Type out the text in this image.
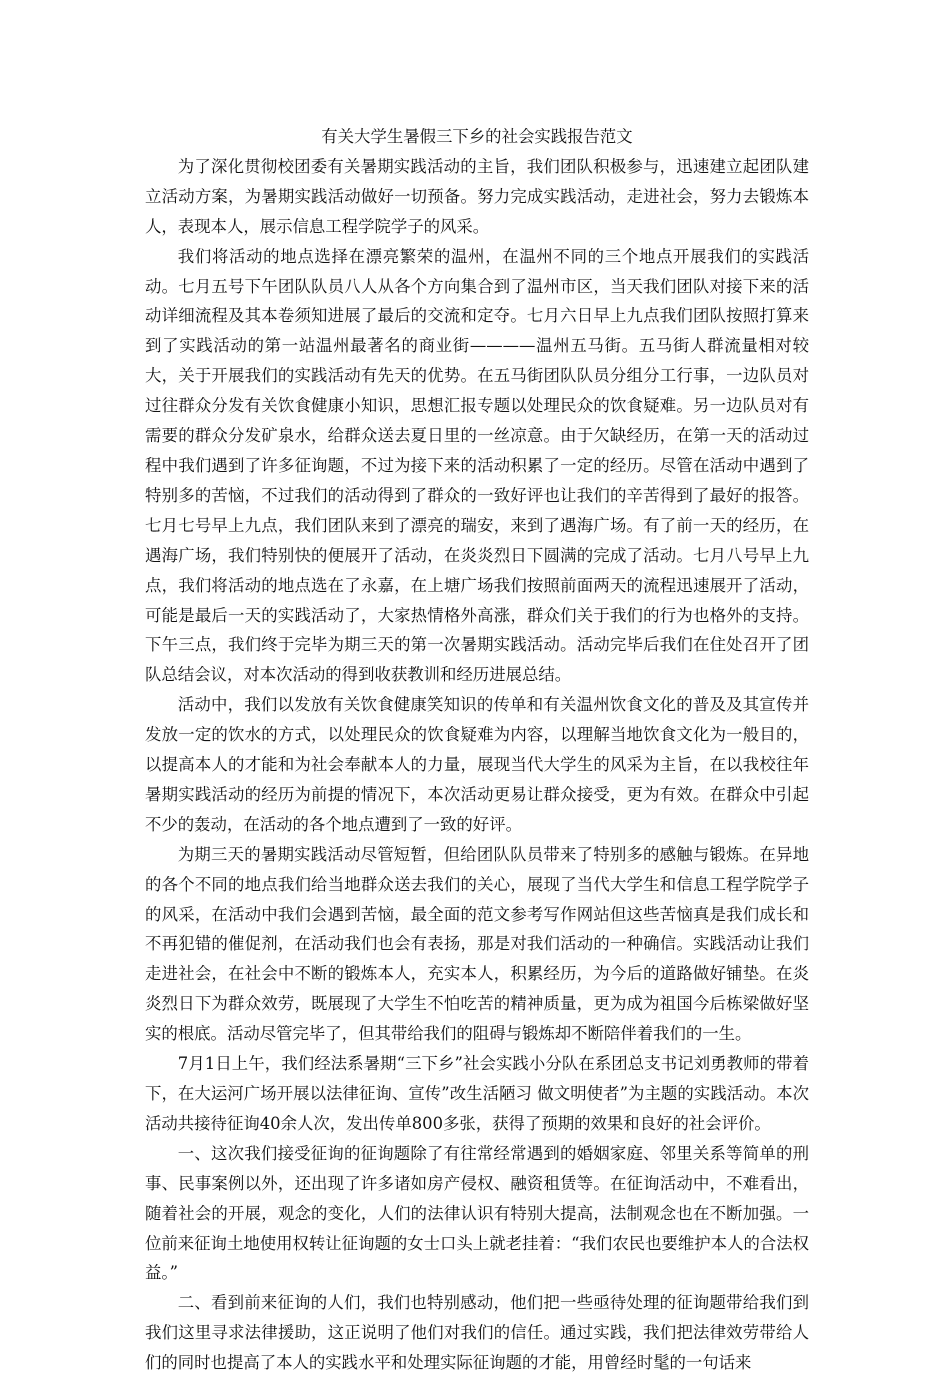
有关大学生暑假三下乡的社会实践报告范文

为了深化贯彻校团委有关暑期实践活动的主旨，我们团队积极参与，迅速建立起团队建立活动方案，为暑期实践活动做好一切预备。努力完成实践活动，走进社会，努力去锻炼本人，表现本人，展示信息工程学院学子的风采。

我们将活动的地点选择在漂亮繁荣的温州，在温州不同的三个地点开展我们的实践活动。七月五号下午团队队员八人从各个方向集合到了温州市区，当天我们团队对接下来的活动详细流程及其本卷须知进展了最后的交流和定夺。七月六日早上九点我们团队按照打算来到了实践活动的第一站温州最著名的商业街————温州五马街。五马街人群流量相对较大，关于开展我们的实践活动有先天的优势。在五马街团队队员分组分工行事，一边队员对过往群众分发有关饮食健康小知识，思想汇报专题以处理民众的饮食疑难。另一边队员对有需要的群众分发矿泉水，给群众送去夏日里的一丝凉意。由于欠缺经历，在第一天的活动过程中我们遇到了许多征询题，不过为接下来的活动积累了一定的经历。尽管在活动中遇到了特别多的苦恼，不过我们的活动得到了群众的一致好评也让我们的辛苦得到了最好的报答。七月七号早上九点，我们团队来到了漂亮的瑞安，来到了遇海广场。有了前一天的经历，在遇海广场，我们特别快的便展开了活动，在炎炎烈日下圆满的完成了活动。七月八号早上九点，我们将活动的地点选在了永嘉，在上塘广场我们按照前面两天的流程迅速展开了活动，可能是最后一天的实践活动了，大家热情格外高涨，群众们关于我们的行为也格外的支持。下午三点，我们终于完毕为期三天的第一次暑期实践活动。活动完毕后我们在住处召开了团队总结会议，对本次活动的得到收获教训和经历进展总结。

活动中，我们以发放有关饮食健康笑知识的传单和有关温州饮食文化的普及及其宣传并发放一定的饮水的方式，以处理民众的饮食疑难为内容，以理解当地饮食文化为一般目的，以提高本人的才能和为社会奉献本人的力量，展现当代大学生的风采为主旨，在以我校往年暑期实践活动的经历为前提的情况下，本次活动更易让群众接受，更为有效。在群众中引起不少的轰动，在活动的各个地点遭到了一致的好评。

为期三天的暑期实践活动尽管短暂，但给团队队员带来了特别多的感触与锻炼。在异地的各个不同的地点我们给当地群众送去我们的关心，展现了当代大学生和信息工程学院学子的风采，在活动中我们会遇到苦恼，最全面的范文参考写作网站但这些苦恼真是我们成长和不再犯错的催促剂，在活动我们也会有表扬，那是对我们活动的一种确信。实践活动让我们走进社会，在社会中不断的锻炼本人，充实本人，积累经历，为今后的道路做好铺垫。在炎炎烈日下为群众效劳，既展现了大学生不怕吃苦的精神质量，更为成为祖国今后栋梁做好坚实的根底。活动尽管完毕了，但其带给我们的阻碍与锻炼却不断陪伴着我们的一生。

7月1日上午，我们经法系暑期“三下乡”社会实践小分队在系团总支书记刘勇教师的带着下，在大运河广场开展以法律征询、宣传”改生活陋习 做文明使者”为主题的实践活动。本次活动共接待征询40余人次，发出传单800多张，获得了预期的效果和良好的社会评价。

一、这次我们接受征询的征询题除了有往常经常遇到的婚姻家庭、邻里关系等简单的刑事、民事案例以外，还出现了许多诸如房产侵权、融资租赁等。在征询活动中，不难看出，随着社会的开展，观念的变化，人们的法律认识有特别大提高，法制观念也在不断加强。一位前来征询土地使用权转让征询题的女士口头上就老挂着：“我们农民也要维护本人的合法权益。”

二、看到前来征询的人们，我们也特别感动，他们把一些亟待处理的征询题带给我们到我们这里寻求法律援助，这正说明了他们对我们的信任。通过实践，我们把法律效劳带给人们的同时也提高了本人的实践水平和处理实际征询题的才能，用曾经时髦的一句话来
